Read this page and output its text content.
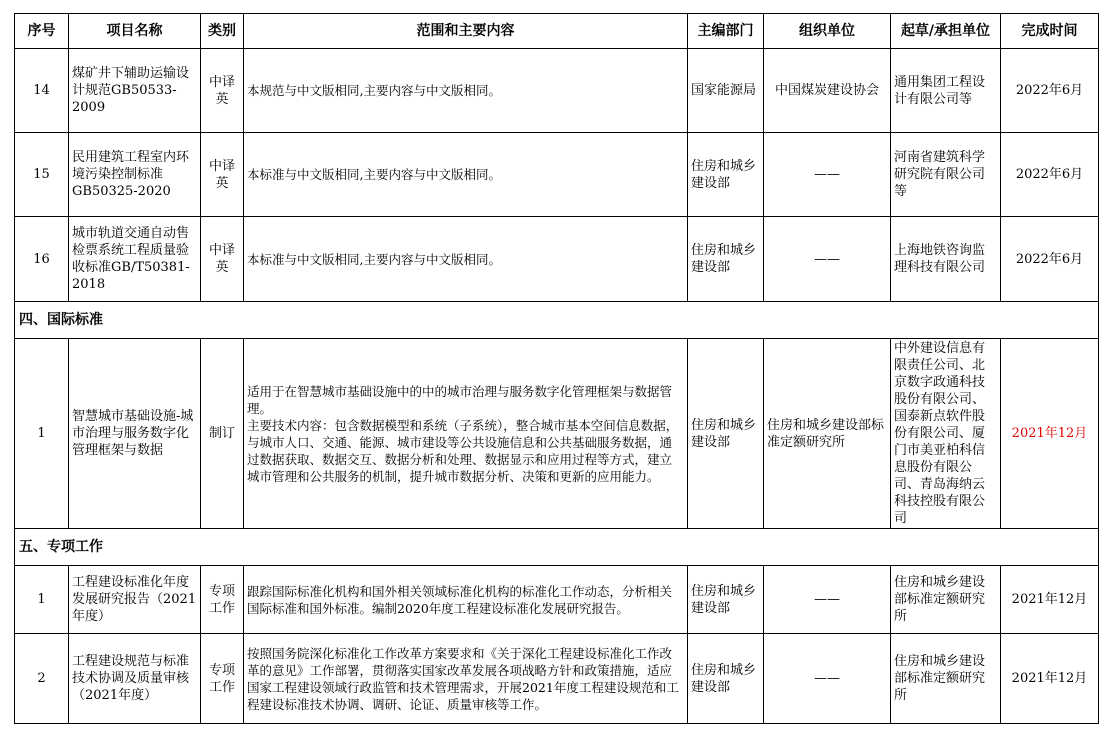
序号	项目名称	类别	范围和主要内容	主编部门	组织单位	起草/承担单位	完成时间
14	煤矿井下辅助运输设计规范GB50533-2009	中译英	本规范与中文版相同,主要内容与中文版相同。	国家能源局	中国煤炭建设协会	通用集团工程设计有限公司等	2022年6月
15	民用建筑工程室内环境污染控制标准GB50325-2020	中译英	本标准与中文版相同,主要内容与中文版相同。	住房和城乡建设部	——	河南省建筑科学研究院有限公司等	2022年6月
16	城市轨道交通自动售检票系统工程质量验收标准GB/T50381-2018	中译英	本标准与中文版相同,主要内容与中文版相同。	住房和城乡建设部	——	上海地铁咨询监理科技有限公司	2022年6月
四、国际标准							
1	智慧城市基础设施-城市治理与服务数字化管理框架与数据	制订	适用于在智慧城市基础设施中的中的城市治理与服务数字化管理框架与数据管理。
主要技术内容：包含数据模型和系统（子系统），整合城市基本空间信息数据，与城市人口、交通、能源、城市建设等公共设施信息和公共基础服务数据，通过数据获取、数据交互、数据分析和处理、数据显示和应用过程等方式，建立城市管理和公共服务的机制，提升城市数据分析、决策和更新的应用能力。	住房和城乡建设部	住房和城乡建设部标准定额研究所	中外建设信息有限责任公司、北京数字政通科技股份有限公司、国泰新点软件股份有限公司、厦门市美亚柏科信息股份有限公司、青岛海纳云科技控股有限公司	2021年12月
五、专项工作							
1	工程建设标准化年度发展研究报告（2021年度）	专项工作	跟踪国际标准化机构和国外相关领域标准化机构的标准化工作动态，分析相关国际标准和国外标准。编制2020年度工程建设标准化发展研究报告。	住房和城乡建设部	——	住房和城乡建设部标准定额研究所	2021年12月
2	工程建设规范与标准技术协调及质量审核（2021年度）	专项工作	按照国务院深化标准化工作改革方案要求和《关于深化工程建设标准化工作改革的意见》工作部署，贯彻落实国家改革发展各项战略方针和政策措施，适应国家工程建设领域行政监管和技术管理需求，开展2021年度工程建设规范和工程建设标准技术协调、调研、论证、质量审核等工作。	住房和城乡建设部	——	住房和城乡建设部标准定额研究所	2021年12月
